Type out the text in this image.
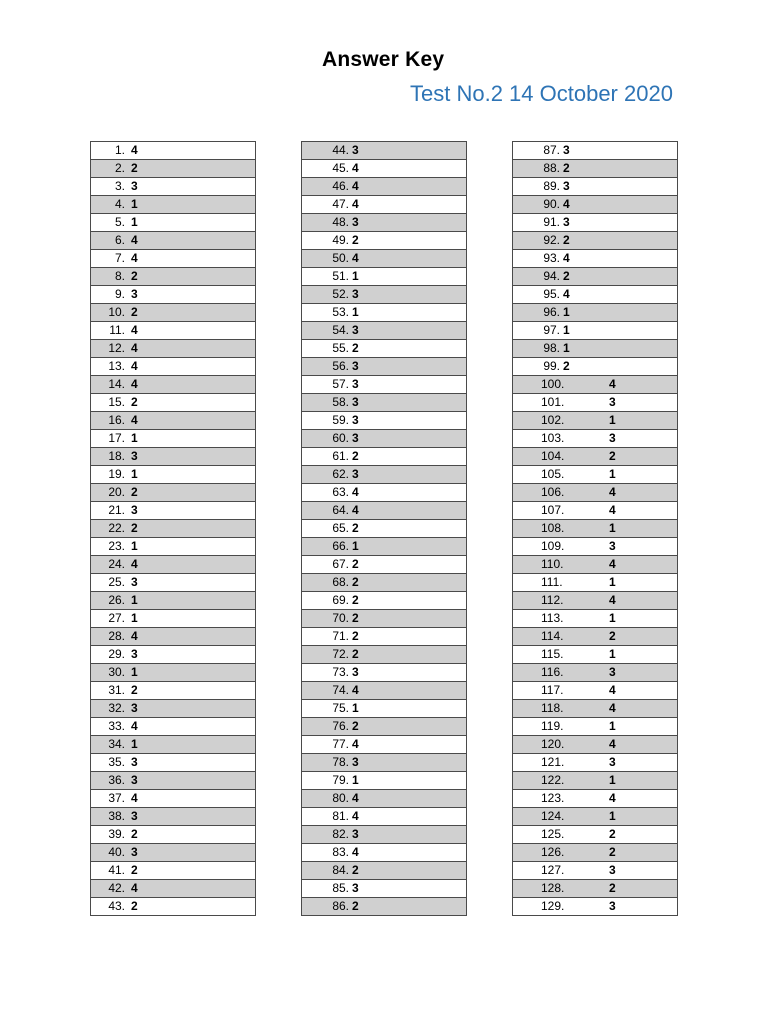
Answer Key
Test No.2 14 October 2020
1. 4
2. 2
3. 3
4. 1
5. 1
6. 4
7. 4
8. 2
9. 3
10. 2
11. 4
12. 4
13. 4
14. 4
15. 2
16. 4
17. 1
18. 3
19. 1
20. 2
21. 3
22. 2
23. 1
24. 4
25. 3
26. 1
27. 1
28. 4
29. 3
30. 1
31. 2
32. 3
33. 4
34. 1
35. 3
36. 3
37. 4
38. 3
39. 2
40. 3
41. 2
42. 4
43. 2
44. 3
45. 4
46. 4
47. 4
48. 3
49. 2
50. 4
51. 1
52. 3
53. 1
54. 3
55. 2
56. 3
57. 3
58. 3
59. 3
60. 3
61. 2
62. 3
63. 4
64. 4
65. 2
66. 1
67. 2
68. 2
69. 2
70. 2
71. 2
72. 2
73. 3
74. 4
75. 1
76. 2
77. 4
78. 3
79. 1
80. 4
81. 4
82. 3
83. 4
84. 2
85. 3
86. 2
87. 3
88. 2
89. 3
90. 4
91. 3
92. 2
93. 4
94. 2
95. 4
96. 1
97. 1
98. 1
99. 2
100.	4
101.	3
102.	1
103.	3
104.	2
105.	1
106.	4
107.	4
108.	1
109.	3
110.	4
111.	1
112.	4
113.	1
114.	2
115.	1
116.	3
117.	4
118.	4
119.	1
120.	4
121.	3
122.	1
123.	4
124.	1
125.	2
126.	2
127.	3
128.	2
129.	3
